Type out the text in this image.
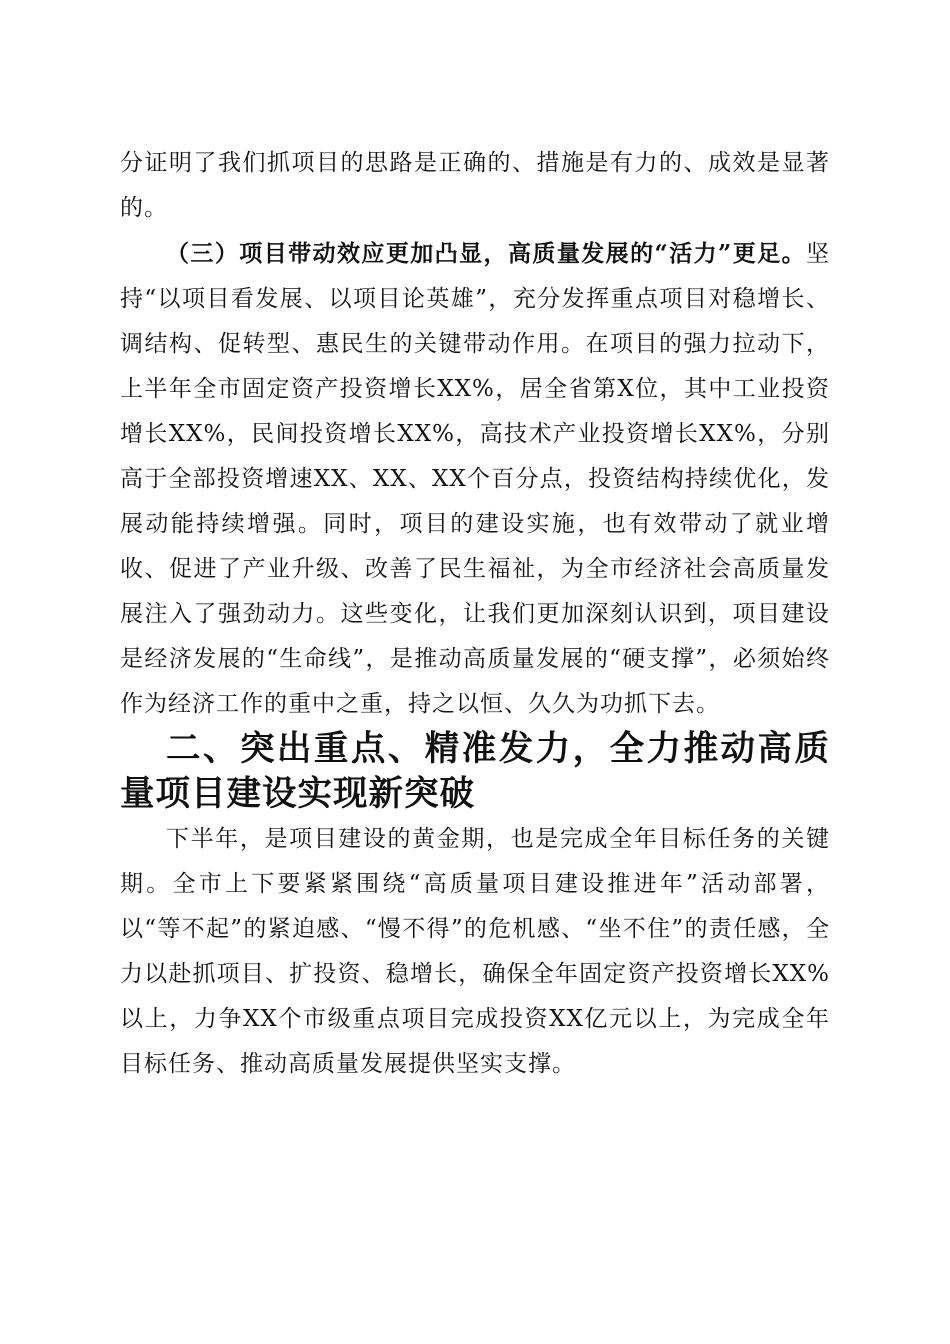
分证明了我们抓项目的思路是正确的、措施是有力的、成效是显著的。

（三）项目带动效应更加凸显，高质量发展的“活力”更足。坚持“以项目看发展、以项目论英雄”，充分发挥重点项目对稳增长、调结构、促转型、惠民生的关键带动作用。在项目的强力拉动下，上半年全市固定资产投资增长XX%，居全省第X位，其中工业投资增长XX%，民间投资增长XX%，高技术产业投资增长XX%，分别高于全部投资增速XX、XX、XX个百分点，投资结构持续优化，发展动能持续增强。同时，项目的建设实施，也有效带动了就业增收、促进了产业升级、改善了民生福祉，为全市经济社会高质量发展注入了强劲动力。这些变化，让我们更加深刻认识到，项目建设是经济发展的“生命线”，是推动高质量发展的“硬支撑”，必须始终作为经济工作的重中之重，持之以恒、久久为功抓下去。

二、突出重点、精准发力，全力推动高质量项目建设实现新突破

下半年，是项目建设的黄金期，也是完成全年目标任务的关键期。全市上下要紧紧围绕“高质量项目建设推进年”活动部署，以“等不起”的紧迫感、“慢不得”的危机感、“坐不住”的责任感，全力以赴抓项目、扩投资、稳增长，确保全年固定资产投资增长XX%以上，力争XX个市级重点项目完成投资XX亿元以上，为完成全年目标任务、推动高质量发展提供坚实支撑。
